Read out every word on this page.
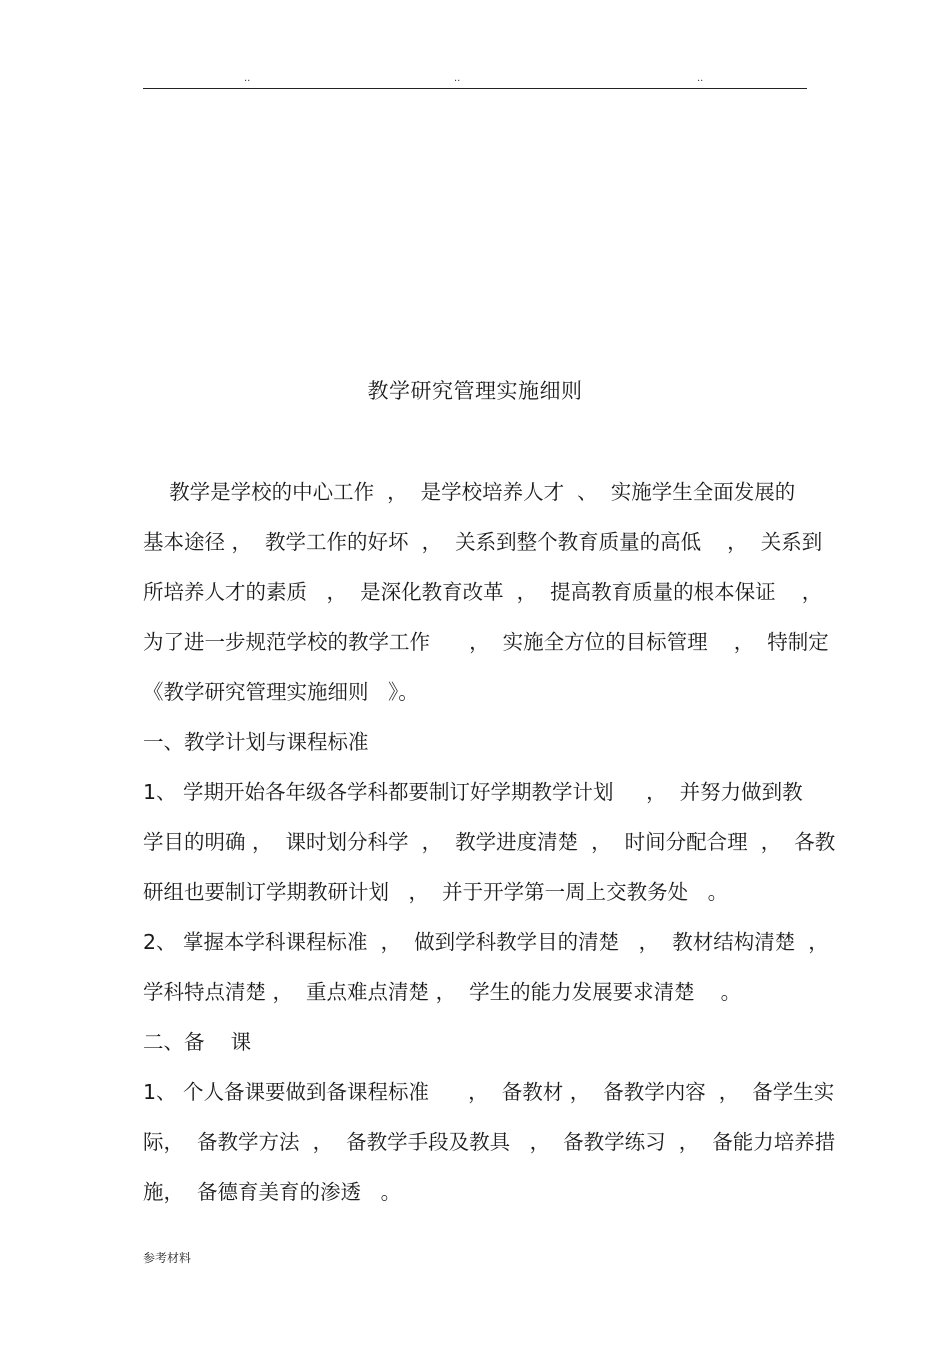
..	..	..
教学研究管理实施细则
教学是学校的中心工作  ，  是学校培养人才  、  实施学生全面发展的
基本途径 ，  教学工作的好坏  ，  关系到整个教育质量的高低    ，  关系到
所培养人才的素质   ，  是深化教育改革  ，  提高教育质量的根本保证    ，
为了进一步规范学校的教学工作      ，  实施全方位的目标管理    ，  特制定
《教学研究管理实施细则   》。
一、教学计划与课程标准
1、 学期开始各年级各学科都要制订好学期教学计划     ，  并努力做到教
学目的明确 ，  课时划分科学  ，  教学进度清楚  ，  时间分配合理  ，  各教
研组也要制订学期教研计划   ，  并于开学第一周上交教务处   。
2、 掌握本学科课程标准  ，  做到学科教学目的清楚   ，  教材结构清楚  ，
学科特点清楚 ，  重点难点清楚 ，  学生的能力发展要求清楚    。
二、备    课
1、 个人备课要做到备课程标准      ，  备教材 ，  备教学内容  ，  备学生实
际，  备教学方法  ，  备教学手段及教具   ，  备教学练习  ，  备能力培养措
施，  备德育美育的渗透   。
参考材料
